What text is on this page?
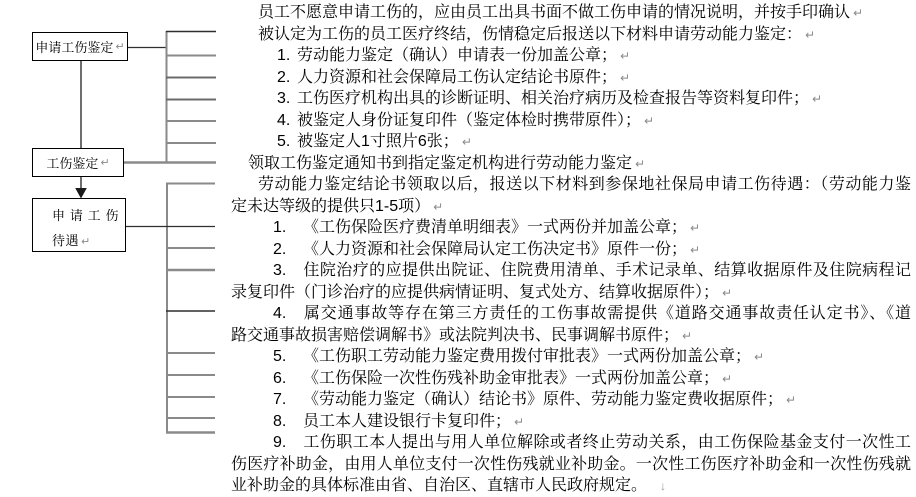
申请工伤鉴定 ↵
工伤鉴定 ↵
申请工伤待遇 ↵
员工不愿意申请工伤的，应由员工出具书面不做工伤申请的情况说明，并按手印确认 ↵
被认定为工伤的员工医疗终结，伤情稳定后报送以下材料申请劳动能力鉴定： ↵
1. 劳动能力鉴定（确认）申请表一份加盖公章； ↵
2. 人力资源和社会保障局工伤认定结论书原件； ↵
3. 工伤医疗机构出具的诊断证明、相关治疗病历及检查报告等资料复印件； ↵
4. 被鉴定人身份证复印件（鉴定体检时携带原件）； ↵
5. 被鉴定人1寸照片6张； ↵
领取工伤鉴定通知书到指定鉴定机构进行劳动能力鉴定 ↵
劳动能力鉴定结论书领取以后，报送以下材料到参保地社保局申请工伤待遇：（劳动能力鉴
定未达等级的提供只1-5项） ↵
1. 《工伤保险医疗费清单明细表》一式两份并加盖公章； ↵
2. 《人力资源和社会保障局认定工伤决定书》原件一份； ↵
3. 住院治疗的应提供出院证、住院费用清单、手术记录单、结算收据原件及住院病程记
录复印件（门诊治疗的应提供病情证明、复式处方、结算收据原件）； ↵
4. 属交通事故等存在第三方责任的工伤事故需提供《道路交通事故责任认定书》、《道
路交通事故损害赔偿调解书》或法院判决书、民事调解书原件； ↵
5. 《工伤职工劳动能力鉴定费用拨付审批表》一式两份加盖公章； ↵
6. 《工伤保险一次性伤残补助金审批表》一式两份加盖公章； ↵
7. 《劳动能力鉴定（确认）结论书》原件、劳动能力鉴定费收据原件； ↵
8. 员工本人建设银行卡复印件； ↵
9. 工伤职工本人提出与用人单位解除或者终止劳动关系，由工伤保险基金支付一次性工
伤医疗补助金，由用人单位支付一次性伤残就业补助金。一次性工伤医疗补助金和一次性伤残就
业补助金的具体标准由省、自治区、直辖市人民政府规定。 ↓
